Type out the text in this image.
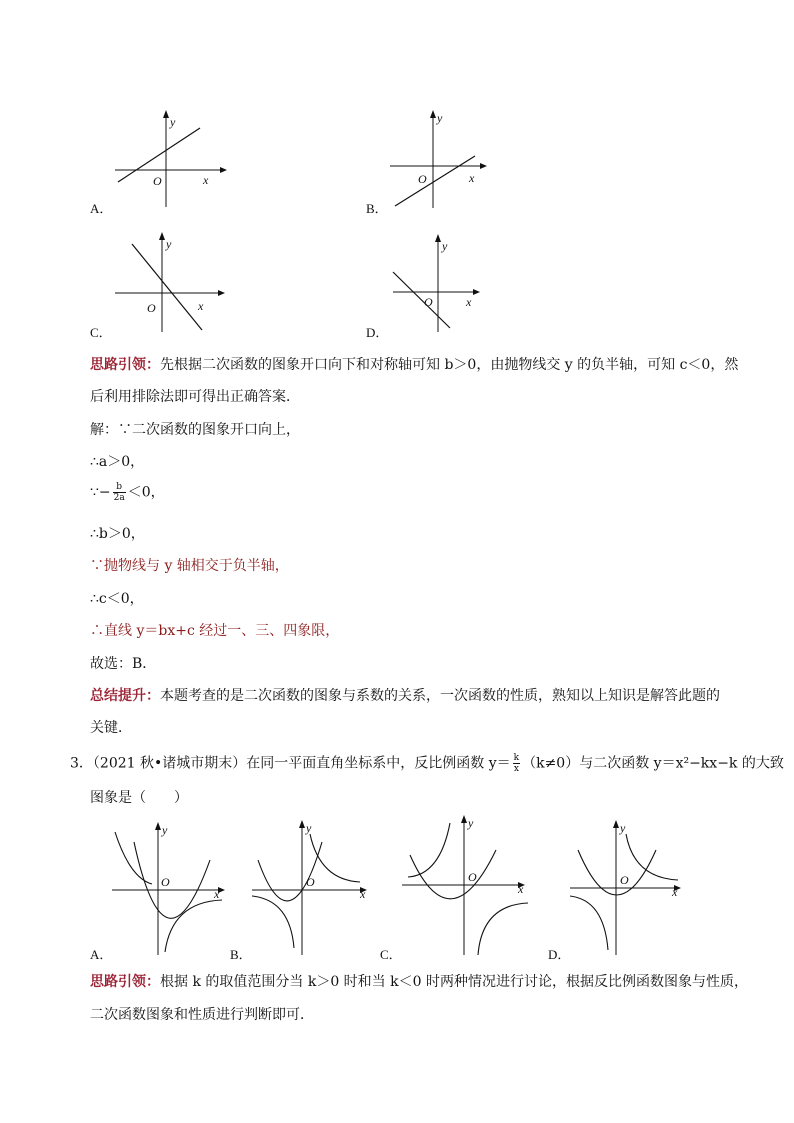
y
x
O
A．
y
x
O
B．
y
x
O
C．
y
x
O
D．
思路引领：先根据二次函数的图象开口向下和对称轴可知 b＞0，由抛物线交 y 的负半轴，可知 c＜0，然
后利用排除法即可得出正确答案．
解：∵二次函数的图象开口向上，
∴a＞0，
∵− $\frac{b}{2a} <0$，
∴b＞0，
∵抛物线与 y 轴相交于负半轴，
∴c＜0，
∴直线 y＝bx+c 经过一、三、四象限，
故选：B．
总结提升：本题考查的是二次函数的图象与系数的关系，一次函数的性质，熟知以上知识是解答此题的
关键．
3．（2021 秋•诸城市期末）在同一平面直角坐标系中，反比例函数 $y= \frac{k}{x} (k\ne 0)$与二次函数 y＝x²−kx−k 的大致
图象是（　　）
y
x
O
A．
y
x
O
B．
y
x
O
C．
y
x
O
D．
思路引领：根据 k 的取值范围分当 k＞0 时和当 k＜0 时两种情况进行讨论，根据反比例函数图象与性质，
二次函数图象和性质进行判断即可．
